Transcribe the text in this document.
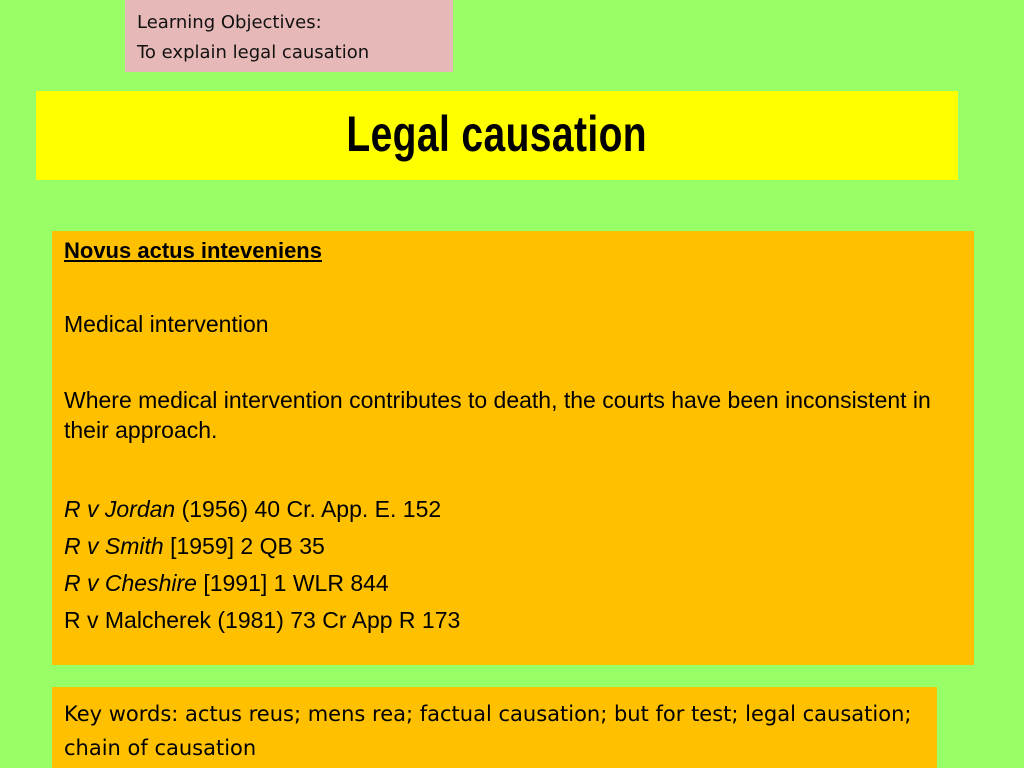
Learning Objectives:
To explain legal causation
Legal causation

Novus actus inteveniens

Medical intervention

Where medical intervention contributes to death, the courts have been inconsistent in their approach.

R v Jordan (1956) 40 Cr. App. E. 152

R v Smith [1959] 2 QB 35

R v Cheshire [1991] 1 WLR 844

R v Malcherek (1981) 73 Cr App R 173

Key words: actus reus; mens rea; factual causation; but for test; legal causation; chain of causation
